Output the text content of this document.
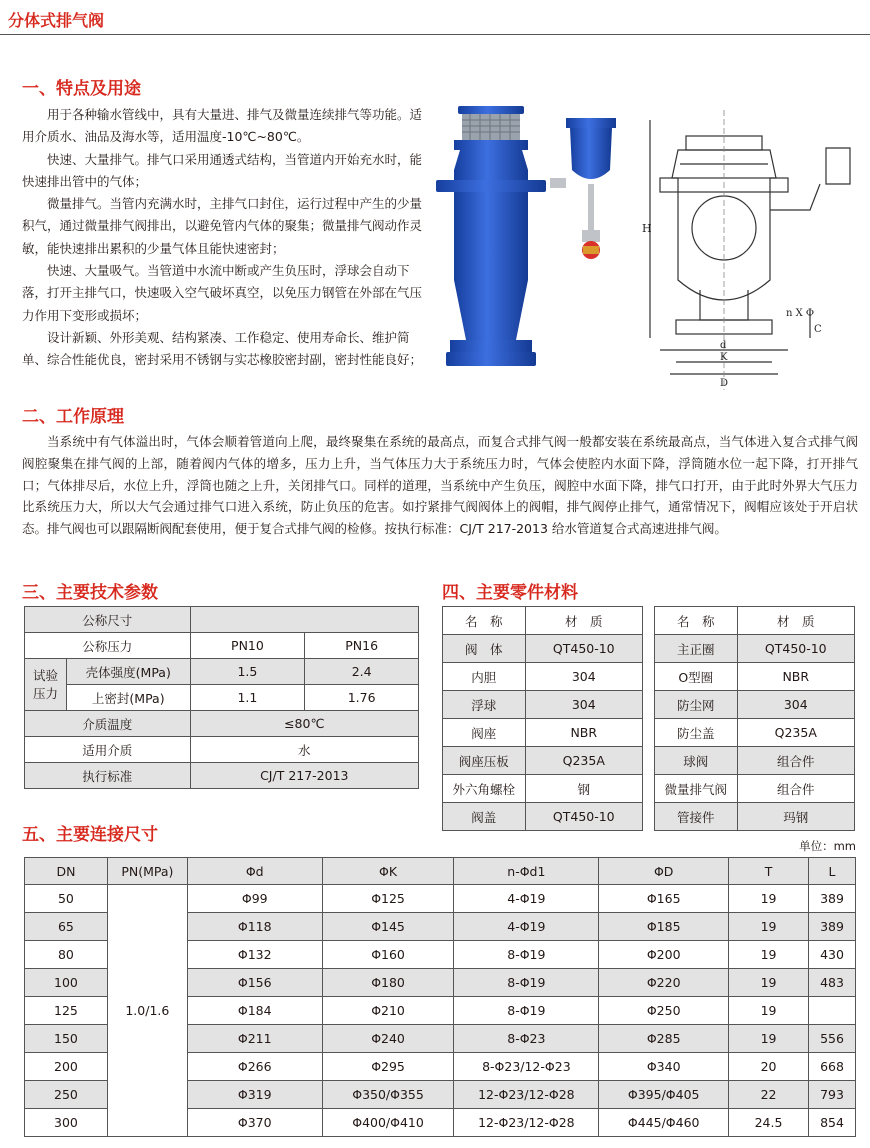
分体式排气阀
一、特点及用途

用于各种输水管线中，具有大量进、排气及微量连续排气等功能。适用介质水、油品及海水等，适用温度-10℃~80℃。

快速、大量排气。排气口采用通透式结构，当管道内开始充水时，能快速排出管中的气体；

微量排气。当管内充满水时，主排气口封住，运行过程中产生的少量积气，通过微量排气阀排出，以避免管内气体的聚集；微量排气阀动作灵敏，能快速排出累积的少量气体且能快速密封；

快速、大量吸气。当管道中水流中断或产生负压时，浮球会自动下落，打开主排气口，快速吸入空气破坏真空，以免压力钢管在外部在气压力作用下变形或损坏；

设计新颖、外形美观、结构紧凑、工作稳定、使用寿命长、维护简单、综合性能优良，密封采用不锈钢与实芯橡胶密封副，密封性能良好；

H
n X Φ
C
d
K
D
二、工作原理
当系统中有气体溢出时，气体会顺着管道向上爬，最终聚集在系统的最高点，而复合式排气阀一般都安装在系统最高点，当气体进入复合式排气阀阀腔聚集在排气阀的上部，随着阀内气体的增多，压力上升，当气体压力大于系统压力时，气体会使腔内水面下降，浮筒随水位一起下降，打开排气口；气体排尽后，水位上升，浮筒也随之上升，关闭排气口。同样的道理，当系统中产生负压，阀腔中水面下降，排气口打开，由于此时外界大气压力比系统压力大，所以大气会通过排气口进入系统，防止负压的危害。如拧紧排气阀阀体上的阀帽，排气阀停止排气，通常情况下，阀帽应该处于开启状态。排气阀也可以跟隔断阀配套使用，便于复合式排气阀的检修。按执行标准：CJ/T 217-2013 给水管道复合式高速进排气阀。
三、主要技术参数
公称尺寸			
公称压力		PN10	PN16
试验压力	壳体强度(MPa)	1.5	2.4
	上密封(MPa)	1.1	1.76
介质温度		≤80℃	
适用介质		水	
执行标准		CJ/T 217-2013	
四、主要零件材料
名　称	材　质
阀　体	QT450-10
内胆	304
浮球	304
阀座	NBR
阀座压板	Q235A
外六角螺栓	钢
阀盖	QT450-10
名　称	材　质
主正圈	QT450-10
O型圈	NBR
防尘网	304
防尘盖	Q235A
球阀	组合件
微量排气阀	组合件
管接件	玛钢
五、主要连接尺寸
单位：mm
DN	PN(MPa)	Φd	ΦK	n-Φd1	ΦD	T	L
50	1.0/1.6	Φ99	Φ125	4-Φ19	Φ165	19	389
65		Φ118	Φ145	4-Φ19	Φ185	19	389
80		Φ132	Φ160	8-Φ19	Φ200	19	430
100		Φ156	Φ180	8-Φ19	Φ220	19	483
125		Φ184	Φ210	8-Φ19	Φ250	19	
150		Φ211	Φ240	8-Φ23	Φ285	19	556
200		Φ266	Φ295	8-Φ23/12-Φ23	Φ340	20	668
250		Φ319	Φ350/Φ355	12-Φ23/12-Φ28	Φ395/Φ405	22	793
300		Φ370	Φ400/Φ410	12-Φ23/12-Φ28	Φ445/Φ460	24.5	854
